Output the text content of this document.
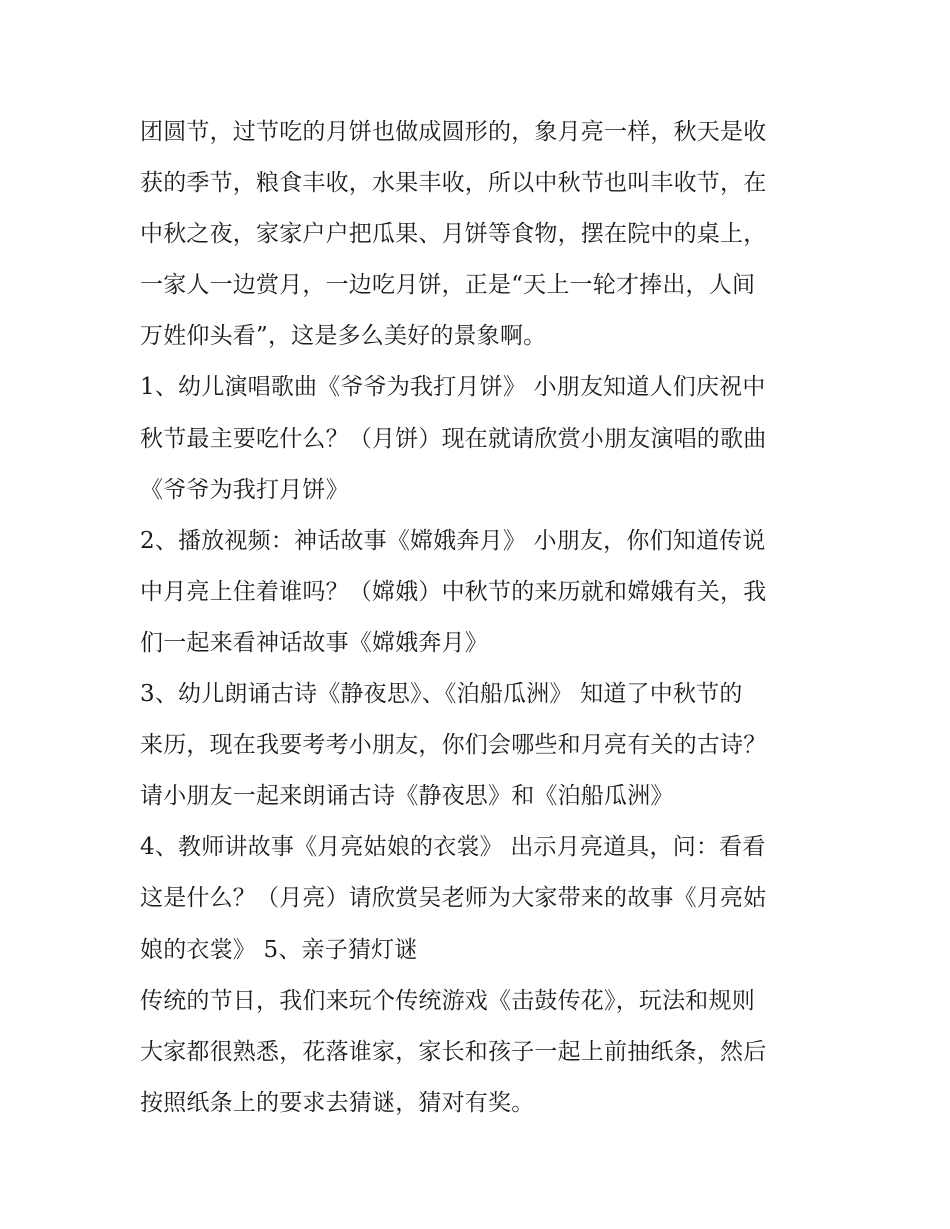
团圆节，过节吃的月饼也做成圆形的，象月亮一样，秋天是收
获的季节，粮食丰收，水果丰收，所以中秋节也叫丰收节，在
中秋之夜，家家户户把瓜果、月饼等食物，摆在院中的桌上，
一家人一边赏月，一边吃月饼，正是“天上一轮才捧出，人间
万姓仰头看”，这是多么美好的景象啊。
1、幼儿演唱歌曲《爷爷为我打月饼》 小朋友知道人们庆祝中
秋节最主要吃什么？（月饼）现在就请欣赏小朋友演唱的歌曲
《爷爷为我打月饼》
2、播放视频：神话故事《嫦娥奔月》 小朋友，你们知道传说
中月亮上住着谁吗？（嫦娥）中秋节的来历就和嫦娥有关，我
们一起来看神话故事《嫦娥奔月》
3、幼儿朗诵古诗《静夜思》、《泊船瓜洲》 知道了中秋节的
来历，现在我要考考小朋友，你们会哪些和月亮有关的古诗？
请小朋友一起来朗诵古诗《静夜思》和《泊船瓜洲》
4、教师讲故事《月亮姑娘的衣裳》 出示月亮道具，问：看看
这是什么？（月亮）请欣赏吴老师为大家带来的故事《月亮姑
娘的衣裳》 5、亲子猜灯谜
传统的节日，我们来玩个传统游戏《击鼓传花》，玩法和规则
大家都很熟悉，花落谁家，家长和孩子一起上前抽纸条，然后
按照纸条上的要求去猜谜，猜对有奖。
